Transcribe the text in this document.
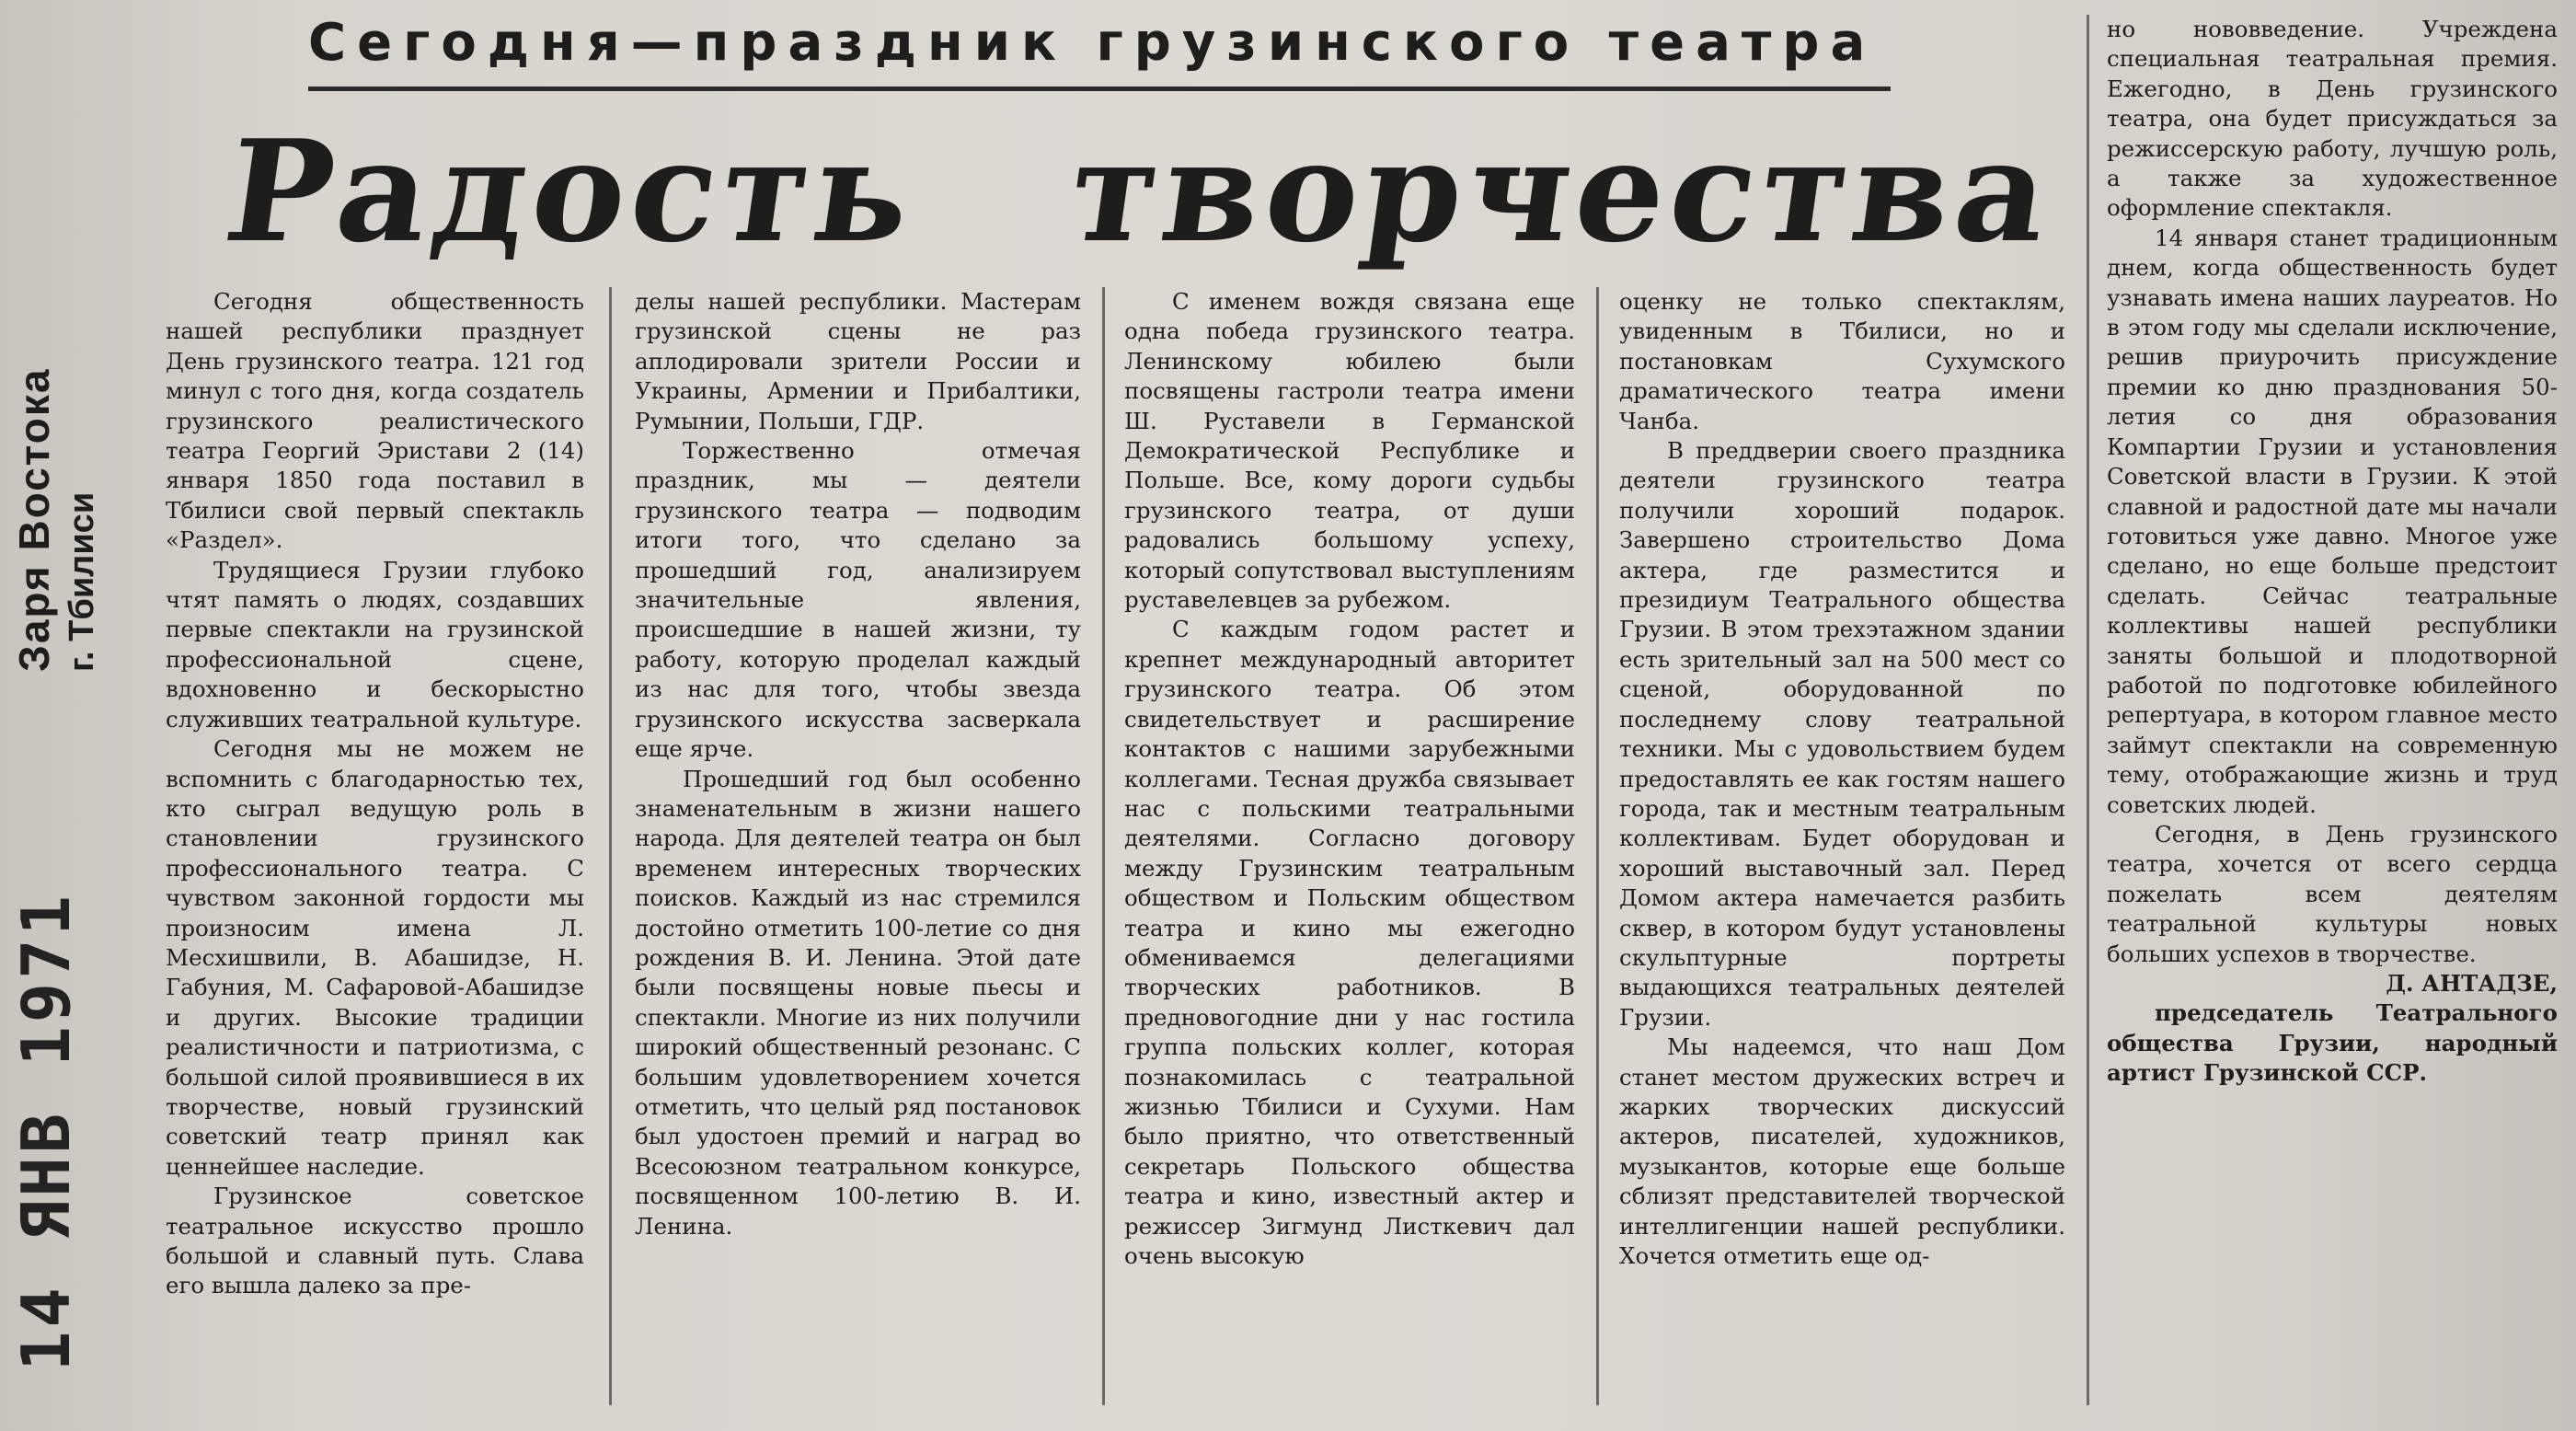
Заря Востока г. Тбилиси
14 ЯНВ 1971
Сегодня—праздник грузинского театра
Радость творчества

Сегодня общественность нашей республики празднует День грузинского театра. 121 год минул с того дня, когда создатель грузинского реалистического театра Георгий Эристави 2 (14) января 1850 года поставил в Тбилиси свой первый спектакль «Раздел».

Трудящиеся Грузии глубоко чтят память о людях, создавших первые спектакли на грузинской профессиональной сцене, вдохновенно и бескорыстно служивших театральной культуре.

Сегодня мы не можем не вспомнить с благодарностью тех, кто сыграл ведущую роль в становлении грузинского профессионального театра. С чувством законной гордости мы произносим имена Л. Месхишвили, В. Абашидзе, Н. Габуния, М. Сафаровой-Абашидзе и других. Высокие традиции реалистичности и патриотизма, с большой силой проявившиеся в их творчестве, новый грузинский советский театр принял как ценнейшее наследие.

Грузинское советское театральное искусство прошло большой и славный путь. Слава его вышла далеко за пре-

делы нашей республики. Мастерам грузинской сцены не раз аплодировали зрители России и Украины, Армении и Прибалтики, Румынии, Польши, ГДР.

Торжественно отмечая праздник, мы — деятели грузинского театра — подводим итоги того, что сделано за прошедший год, анализируем значительные явления, происшедшие в нашей жизни, ту работу, которую проделал каждый из нас для того, чтобы звезда грузинского искусства засверкала еще ярче.

Прошедший год был особенно знаменательным в жизни нашего народа. Для деятелей театра он был временем интересных творческих поисков. Каждый из нас стремился достойно отметить 100-летие со дня рождения В. И. Ленина. Этой дате были посвящены новые пьесы и спектакли. Многие из них получили широкий общественный резонанс. С большим удовлетворением хочется отметить, что целый ряд постановок был удостоен премий и наград во Всесоюзном театральном конкурсе, посвященном 100-летию В. И. Ленина.

С именем вождя связана еще одна победа грузинского театра. Ленинскому юбилею были посвящены гастроли театра имени Ш. Руставели в Германской Демократической Республике и Польше. Все, кому дороги судьбы грузинского театра, от души радовались большому успеху, который сопутствовал выступлениям руставелевцев за рубежом.

С каждым годом растет и крепнет международный авторитет грузинского театра. Об этом свидетельствует и расширение контактов с нашими зарубежными коллегами. Тесная дружба связывает нас с польскими театральными деятелями. Согласно договору между Грузинским театральным обществом и Польским обществом театра и кино мы ежегодно обмениваемся делегациями творческих работников. В предновогодние дни у нас гостила группа польских коллег, которая познакомилась с театральной жизнью Тбилиси и Сухуми. Нам было приятно, что ответственный секретарь Польского общества театра и кино, известный актер и режиссер Зигмунд Листкевич дал очень высокую

оценку не только спектаклям, увиденным в Тбилиси, но и постановкам Сухумского драматического театра имени Чанба.

В преддверии своего праздника деятели грузинского театра получили хороший подарок. Завершено строительство Дома актера, где разместится и президиум Театрального общества Грузии. В этом трехэтажном здании есть зрительный зал на 500 мест со сценой, оборудованной по последнему слову театральной техники. Мы с удовольствием будем предоставлять ее как гостям нашего города, так и местным театральным коллективам. Будет оборудован и хороший выставочный зал. Перед Домом актера намечается разбить сквер, в котором будут установлены скульптурные портреты выдающихся театральных деятелей Грузии.

Мы надеемся, что наш Дом станет местом дружеских встреч и жарких творческих дискуссий актеров, писателей, художников, музыкантов, которые еще больше сблизят представителей творческой интеллигенции нашей республики. Хочется отметить еще од-

но нововведение. Учреждена специальная театральная премия. Ежегодно, в День грузинского театра, она будет присуждаться за режиссерскую работу, лучшую роль, а также за художественное оформление спектакля.

14 января станет традиционным днем, когда общественность будет узнавать имена наших лауреатов. Но в этом году мы сделали исключение, решив приурочить присуждение премии ко дню празднования 50-летия со дня образования Компартии Грузии и установления Советской власти в Грузии. К этой славной и радостной дате мы начали готовиться уже давно. Многое уже сделано, но еще больше предстоит сделать. Сейчас театральные коллективы нашей республики заняты большой и плодотворной работой по подготовке юбилейного репертуара, в котором главное место займут спектакли на современную тему, отображающие жизнь и труд советских людей.

Сегодня, в День грузинского театра, хочется от всего сердца пожелать всем деятелям театральной культуры новых больших успехов в творчестве.

Д. АНТАДЗЕ,

председатель Театрального общества Грузии, народный артист Грузинской ССР.
